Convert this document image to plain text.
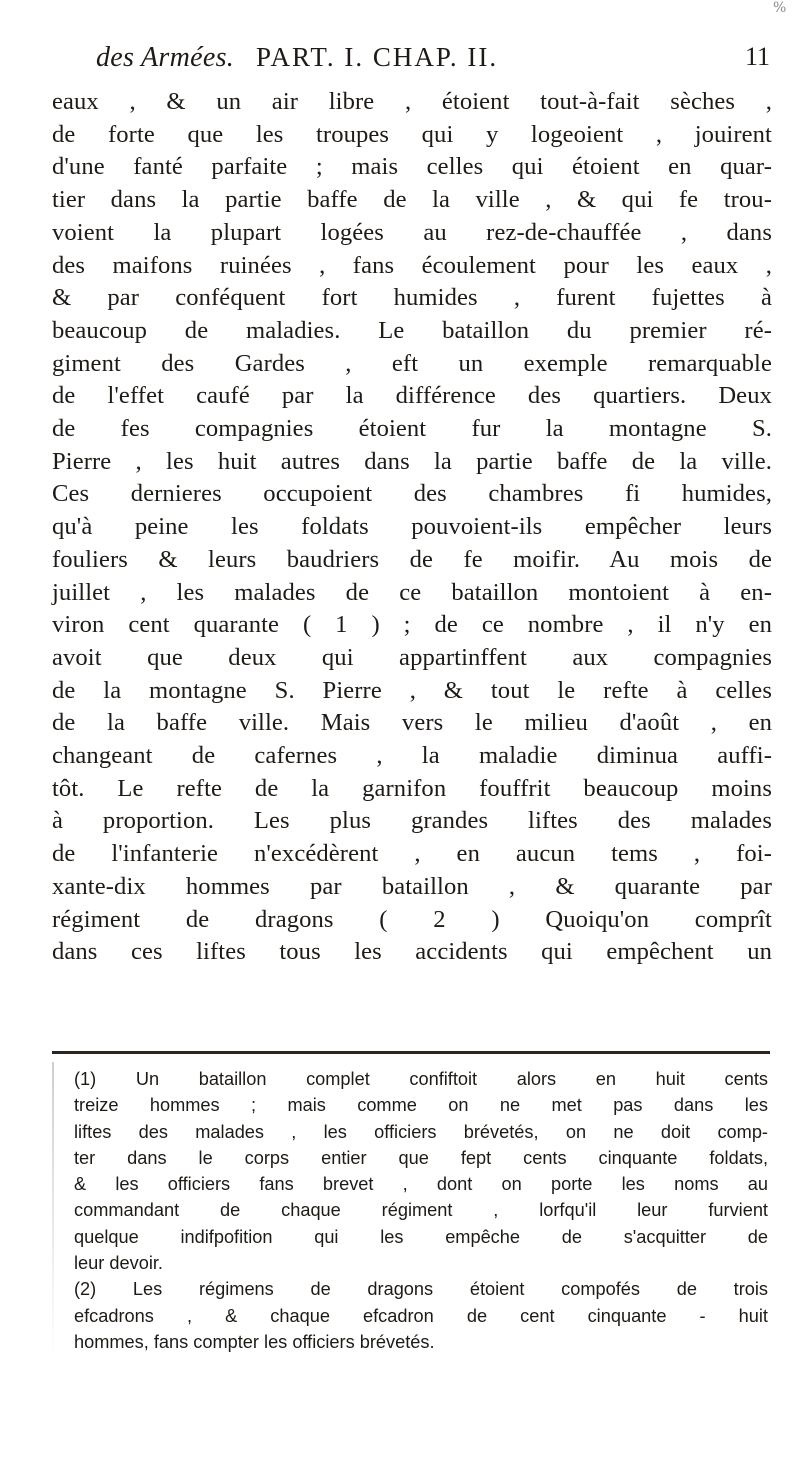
des Armées. PART. I. CHAP. II.	11
%
eaux , & un air libre , étoient tout-à-fait sèches ,
de forte que les troupes qui y logeoient , jouirent
d'une fanté parfaite ; mais celles qui étoient en quar-
tier dans la partie baffe de la ville , & qui fe trou-
voient la plupart logées au rez-de-chauffée , dans
des maifons ruinées , fans écoulement pour les eaux ,
& par conféquent fort humides , furent fujettes à
beaucoup de maladies. Le bataillon du premier ré-
giment des Gardes , eft un exemple remarquable
de l'effet caufé par la différence des quartiers. Deux
de fes compagnies étoient fur la montagne S.
Pierre , les huit autres dans la partie baffe de la ville.
Ces dernieres occupoient des chambres fi humides,
qu'à peine les foldats pouvoient-ils empêcher leurs
fouliers & leurs baudriers de fe moifir. Au mois de
juillet , les malades de ce bataillon montoient à en-
viron cent quarante ( 1 ) ; de ce nombre , il n'y en
avoit que deux qui appartinffent aux compagnies
de la montagne S. Pierre , & tout le refte à celles
de la baffe ville. Mais vers le milieu d'août , en
changeant de cafernes , la maladie diminua auffi-
tôt. Le refte de la garnifon fouffrit beaucoup moins
à proportion. Les plus grandes liftes des malades
de l'infanterie n'excédèrent , en aucun tems , foi-
xante-dix hommes par bataillon , & quarante par
régiment de dragons ( 2 ) Quoiqu'on comprît
dans ces liftes tous les accidents qui empêchent un
(1) Un bataillon complet confiftoit alors en huit cents
treize hommes ; mais comme on ne met pas dans les
liftes des malades , les officiers brévetés, on ne doit comp-
ter dans le corps entier que fept cents cinquante foldats,
& les officiers fans brevet , dont on porte les noms au
commandant de chaque régiment , lorfqu'il leur furvient
quelque indifpofition qui les empêche de s'acquitter de
leur devoir.
(2) Les régimens de dragons étoient compofés de trois
efcadrons , & chaque efcadron de cent cinquante - huit
hommes, fans compter les officiers brévetés.
